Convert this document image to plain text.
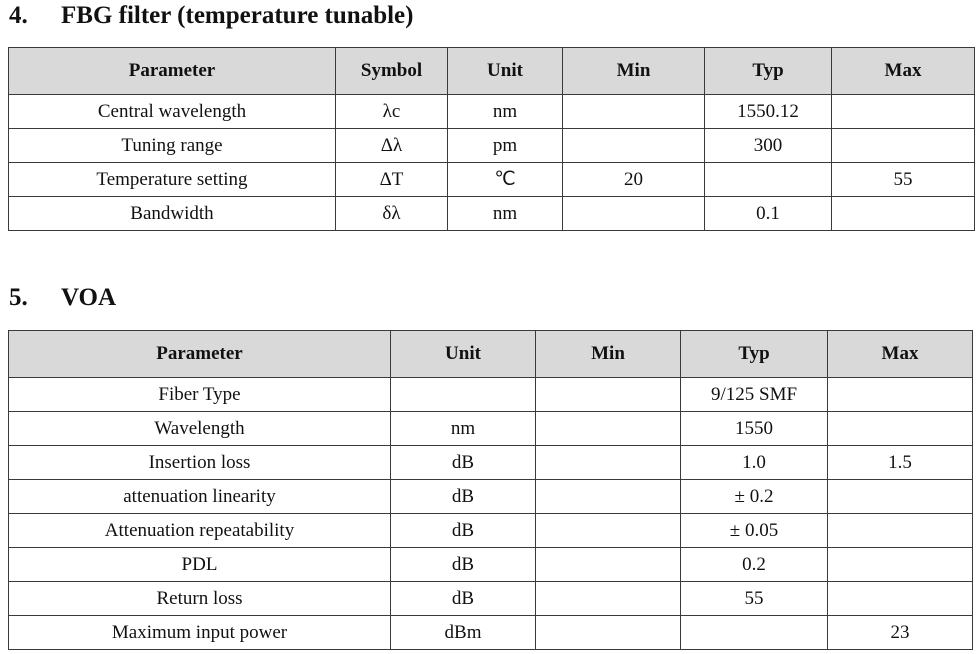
4. FBG filter (temperature tunable)
Parameter	Symbol	Unit	Min	Typ	Max
Central wavelength	λc	nm		1550.12	
Tuning range	Δλ	pm		300	
Temperature setting	ΔT	℃	20		55
Bandwidth	δλ	nm		0.1	
5. VOA
Parameter	Unit	Min	Typ	Max
Fiber Type			9/125 SMF	
Wavelength	nm		1550	
Insertion loss	dB		1.0	1.5
attenuation linearity	dB		± 0.2	
Attenuation repeatability	dB		± 0.05	
PDL	dB		0.2	
Return loss	dB		55	
Maximum input power	dBm			23
